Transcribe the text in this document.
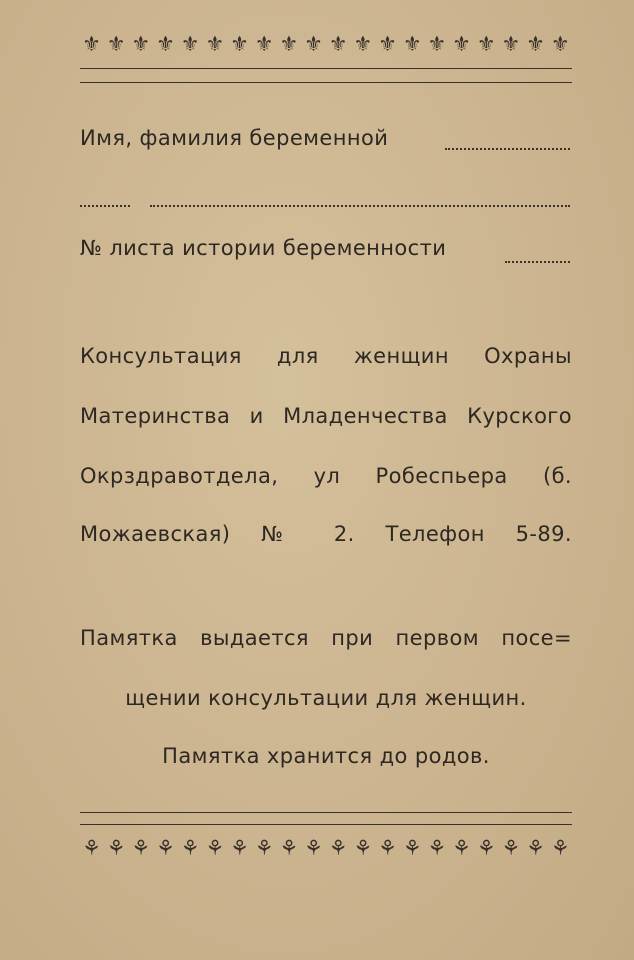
⚜ ⚜ ⚜ ⚜ ⚜ ⚜ ⚜ ⚜ ⚜ ⚜ ⚜ ⚜ ⚜ ⚜ ⚜ ⚜ ⚜ ⚜ ⚜ ⚜

Имя, фамилия беременной

№ листа истории беременности

Консультация для женщин Охраны

Материнства и Младенчества Курского

Окрздравотдела, ул Робеспьера (б.

Можаевская) № 2. Телефон 5-89.

Памятка выдается при первом посе=

щении консультации для женщин.

Памятка хранится до родов.

⚘ ⚘ ⚘ ⚘ ⚘ ⚘ ⚘ ⚘ ⚘ ⚘ ⚘ ⚘ ⚘ ⚘ ⚘ ⚘ ⚘ ⚘ ⚘ ⚘
